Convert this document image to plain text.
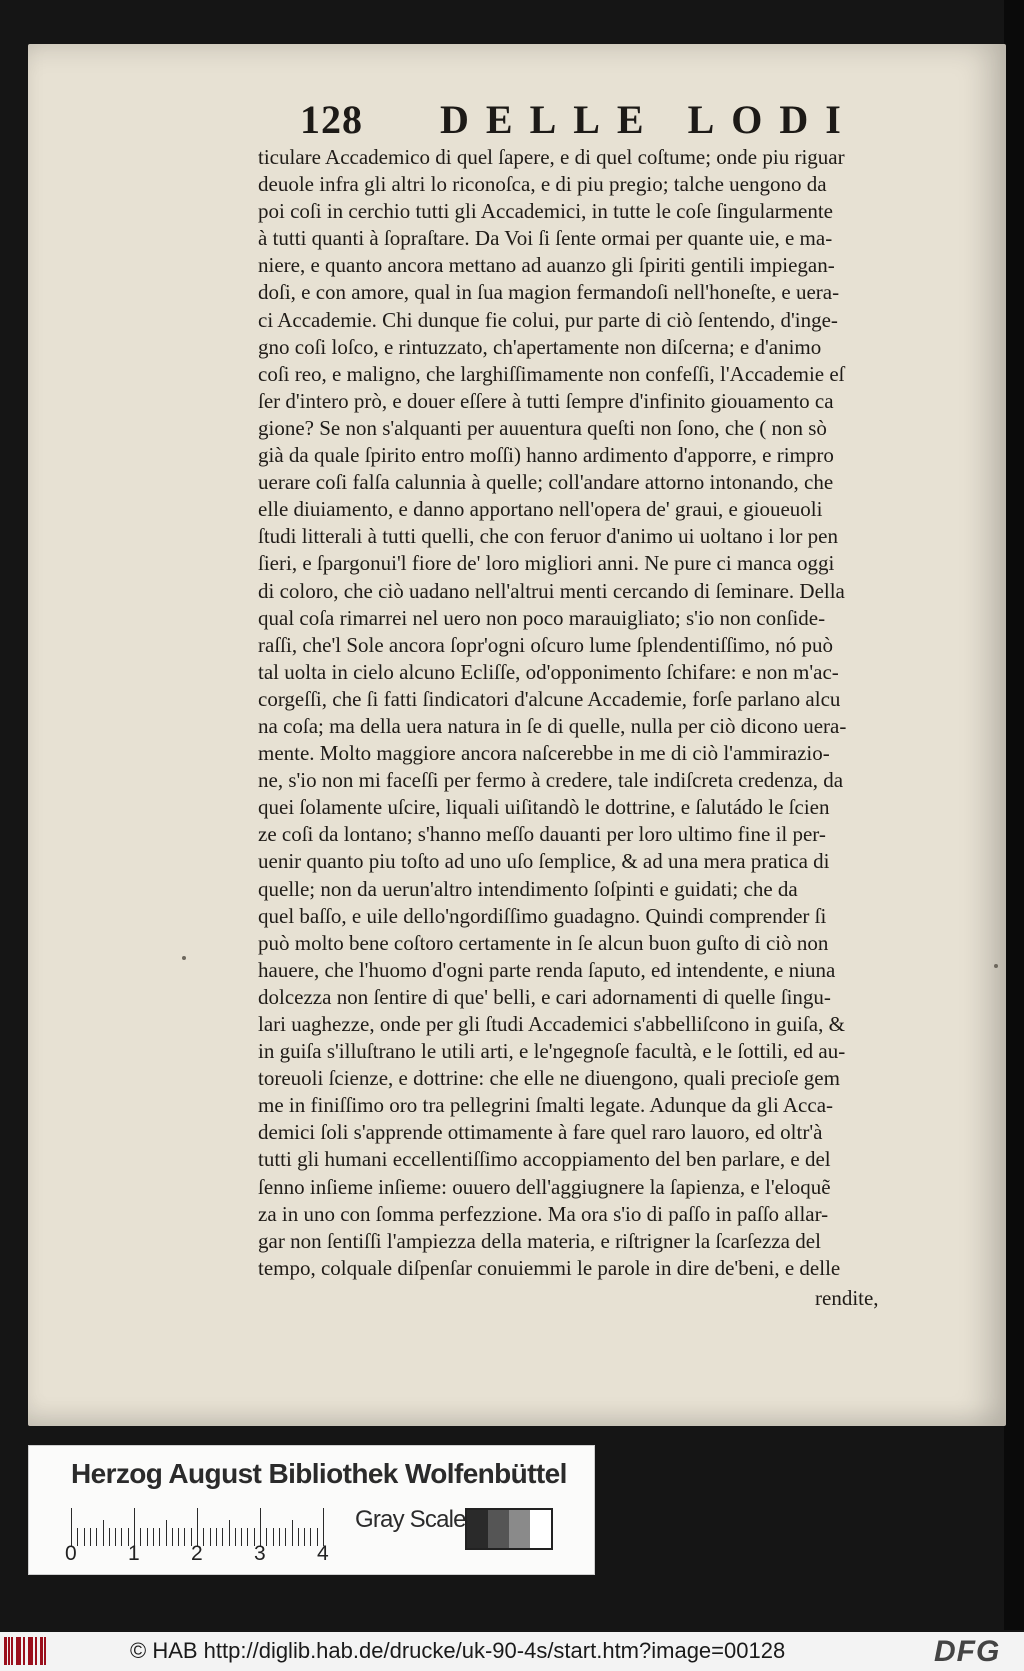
128 DELLE LODI
ticulare Accademico di quel ſapere, e di quel coſtume; onde piu riguar
deuole infra gli altri lo riconoſca, e di piu pregio; talche uengono da
poi coſi in cerchio tutti gli Accademici, in tutte le coſe ſingularmente
à tutti quanti à ſopraſtare. Da Voi ſi ſente ormai per quante uie, e ma-
niere, e quanto ancora mettano ad auanzo gli ſpiriti gentili impiegan-
doſi, e con amore, qual in ſua magion fermandoſi nell'honeſte, e uera-
ci Accademie. Chi dunque fie colui, pur parte di ciò ſentendo, d'inge-
gno coſi loſco, e rintuzzato, ch'apertamente non diſcerna; e d'animo
coſi reo, e maligno, che larghiſſimamente non confeſſi, l'Accademie eſ
ſer d'intero prò, e douer eſſere à tutti ſempre d'infinito giouamento ca
gione? Se non s'alquanti per auuentura queſti non ſono, che ( non sò
già da quale ſpirito entro moſſi) hanno ardimento d'apporre, e rimpro
uerare coſi falſa calunnia à quelle; coll'andare attorno intonando, che
elle diuiamento, e danno apportano nell'opera de' graui, e gioueuoli
ſtudi litterali à tutti quelli, che con feruor d'animo ui uoltano i lor pen
ſieri, e ſpargonui'l fiore de' loro migliori anni. Ne pure ci manca oggi
di coloro, che ciò uadano nell'altrui menti cercando di ſeminare. Della
qual coſa rimarrei nel uero non poco marauigliato; s'io non conſide-
raſſi, che'l Sole ancora ſopr'ogni oſcuro lume ſplendentiſſimo, nó può
tal uolta in cielo alcuno Ecliſſe, od'opponimento ſchifare: e non m'ac-
corgeſſi, che ſi fatti ſindicatori d'alcune Accademie, forſe parlano alcu
na coſa; ma della uera natura in ſe di quelle, nulla per ciò dicono uera-
mente. Molto maggiore ancora naſcerebbe in me di ciò l'ammirazio-
ne, s'io non mi faceſſi per fermo à credere, tale indiſcreta credenza, da
quei ſolamente uſcire, liquali uiſitandò le dottrine, e ſalutádo le ſcien
ze coſi da lontano; s'hanno meſſo dauanti per loro ultimo fine il per-
uenir quanto piu toſto ad uno uſo ſemplice, & ad una mera pratica di
quelle; non da uerun'altro intendimento ſoſpinti e guidati; che da
quel baſſo, e uile dello'ngordiſſimo guadagno. Quindi comprender ſi
può molto bene coſtoro certamente in ſe alcun buon guſto di ciò non
hauere, che l'huomo d'ogni parte renda ſaputo, ed intendente, e niuna
dolcezza non ſentire di que' belli, e cari adornamenti di quelle ſingu-
lari uaghezze, onde per gli ſtudi Accademici s'abbelliſcono in guiſa, &
in guiſa s'illuſtrano le utili arti, e le'ngegnoſe facultà, e le ſottili, ed au-
toreuoli ſcienze, e dottrine: che elle ne diuengono, quali precioſe gem
me in finiſſimo oro tra pellegrini ſmalti legate. Adunque da gli Acca-
demici ſoli s'apprende ottimamente à fare quel raro lauoro, ed oltr'à
tutti gli humani eccellentiſſimo accoppiamento del ben parlare, e del
ſenno inſieme inſieme: ouuero dell'aggiugnere la ſapienza, e l'eloquẽ
za in uno con ſomma perfezzione. Ma ora s'io di paſſo in paſſo allar-
gar non ſentiſſi l'ampiezza della materia, e riſtrigner la ſcarſezza del
tempo, colquale diſpenſar conuiemmi le parole in dire de'beni, e delle
rendite,
Herzog August Bibliothek Wolfenbüttel
0 1 2 3 4
Gray Scale
© HAB http://diglib.hab.de/drucke/uk-90-4s/start.htm?image=00128	DFG
